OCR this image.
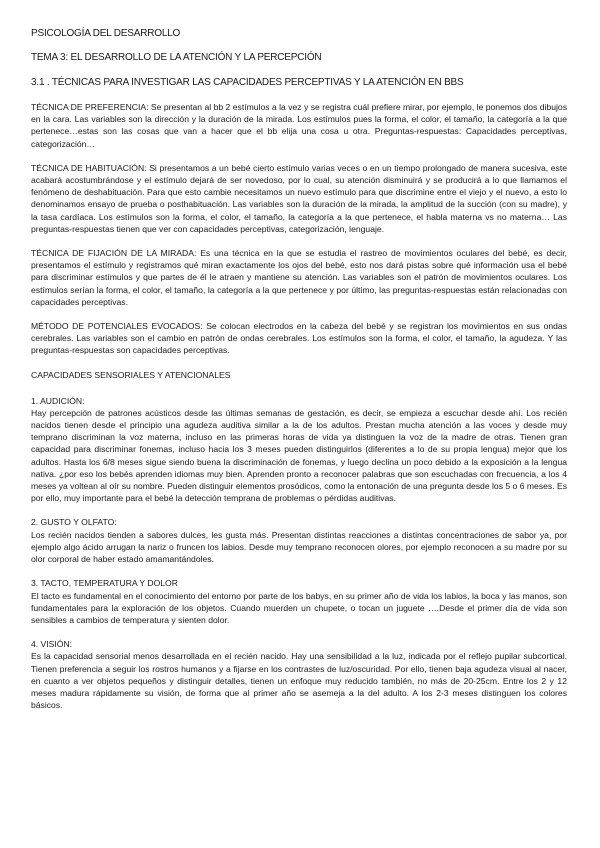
PSICOLOGÍA DEL DESARROLLO

TEMA 3: EL DESARROLLO DE LA ATENCIÓN Y LA PERCEPCIÓN

3.1 . TÉCNICAS PARA INVESTIGAR LAS CAPACIDADES PERCEPTIVAS Y LA ATENCIÓN EN BBS

TÉCNICA DE PREFERENCIA: Se presentan al bb 2 estímulos a la vez y se registra cuál prefiere mirar, por ejemplo, le ponemos dos dibujos en la cara. Las variables son la dirección y la duración de la mirada. Los estímulos pues la forma, el color, el tamaño, la categoría a la que pertenece…estas son las cosas que van a hacer que el bb elija una cosa u otra. Preguntas-respuestas: Capacidades perceptivas, categorización…

TÉCNICA DE HABITUACIÓN: Si presentamos a un bebé cierto estímulo varias veces o en un tiempo prolongado de manera sucesiva, este acabará acostumbrándose y el estímulo dejará de ser novedoso, por lo cual, su atención disminuirá y se producirá a lo que llamamos el fenómeno de deshabituación. Para que esto cambie necesitamos un nuevo estímulo para que discrimine entre el viejo y el nuevo, a esto lo denominamos ensayo de prueba o posthabituación. Las variables son la duración de la mirada, la amplitud de la succión (con su madre), y la tasa cardíaca. Los estímulos son la forma, el color, el tamaño, la categoría a la que pertenece, el habla materna vs no materna… Las preguntas-respuestas tienen que ver con capacidades perceptivas, categorización, lenguaje.

TÉCNICA DE FIJACIÓN DE LA MIRADA: Es una técnica en la que se estudia el rastreo de movimientos oculares del bebé, es decir, presentamos el estímulo y registramos qué miran exactamente los ojos del bebé, esto nos dará pistas sobre qué información usa el bebé para discriminar estímulos y que partes de él le atraen y mantiene su atención. Las variables son el patrón de movimientos oculares. Los estímulos serían la forma, el color, el tamaño, la categoría a la que pertenece y por último, las preguntas-respuestas están relacionadas con capacidades perceptivas.

MÉTODO DE POTENCIALES EVOCADOS: Se colocan electrodos en la cabeza del bebé y se registran los movimientos en sus ondas cerebrales. Las variables son el cambio en patrón de ondas cerebrales. Los estímulos son la forma, el color, el tamaño, la agudeza. Y las preguntas-respuestas son capacidades perceptivas.

CAPACIDADES SENSORIALES Y ATENCIONALES

1. AUDICIÓN:

Hay percepción de patrones acústicos desde las últimas semanas de gestación, es decir, se empieza a escuchar desde ahí. Los recién nacidos tienen desde el principio una agudeza auditiva similar a la de los adultos. Prestan mucha atención a las voces y desde muy temprano discriminan la voz materna, incluso en las primeras horas de vida ya distinguen la voz de la madre de otras. Tienen gran capacidad para discriminar fonemas, incluso hacia los 3 meses pueden distinguirlos (diferentes a lo de su propia lengua) mejor que los adultos. Hasta los 6/8 meses sigue siendo buena la discriminación de fonemas, y luego declina un poco debido a la exposición a la lengua nativa. ¿por eso los bebés aprenden idiomas muy bien. Aprenden pronto a reconocer palabras que son escuchadas con frecuencia, a los 4 meses ya voltean al oír su nombre. Pueden distinguir elementos prosódicos, como la entonación de una pregunta desde los 5 o 6 meses. Es por ello, muy importante para el bebé la detección temprana de problemas o pérdidas auditivas.

2. GUSTO Y OLFATO:

Los recién nacidos tienden a sabores dulces, les gusta más. Presentan distintas reacciones a distintas concentraciones de sabor ya, por ejemplo algo ácido arrugan la nariz o fruncen los labios. Desde muy temprano reconocen olores, por ejemplo reconocen a su madre por su olor corporal de haber estado amamantándoles.

3. TACTO, TEMPERATURA Y DOLOR

El tacto es fundamental en el conocimiento del entorno por parte de los babys, en su primer año de vida los labios, la boca y las manos, son fundamentales para la exploración de los objetos. Cuando muerden un chupete, o tocan un juguete ….Desde el primer día de vida son sensibles a cambios de temperatura y sienten dolor.

4. VISIÓN:

Es la capacidad sensorial menos desarrollada en el recién nacido. Hay una sensibilidad a la luz, indicada por el reflejo pupilar subcortical. Tienen preferencia a seguir los rostros humanos y a fijarse en los contrastes de luz/oscuridad. Por ello, tienen baja agudeza visual al nacer, en cuanto a ver objetos pequeños y distinguir detalles, tienen un enfoque muy reducido también, no más de 20-25cm. Entre los 2 y 12 meses madura rápidamente su visión, de forma que al primer año se asemeja a la del adulto. A los 2-3 meses distinguen los colores básicos.
